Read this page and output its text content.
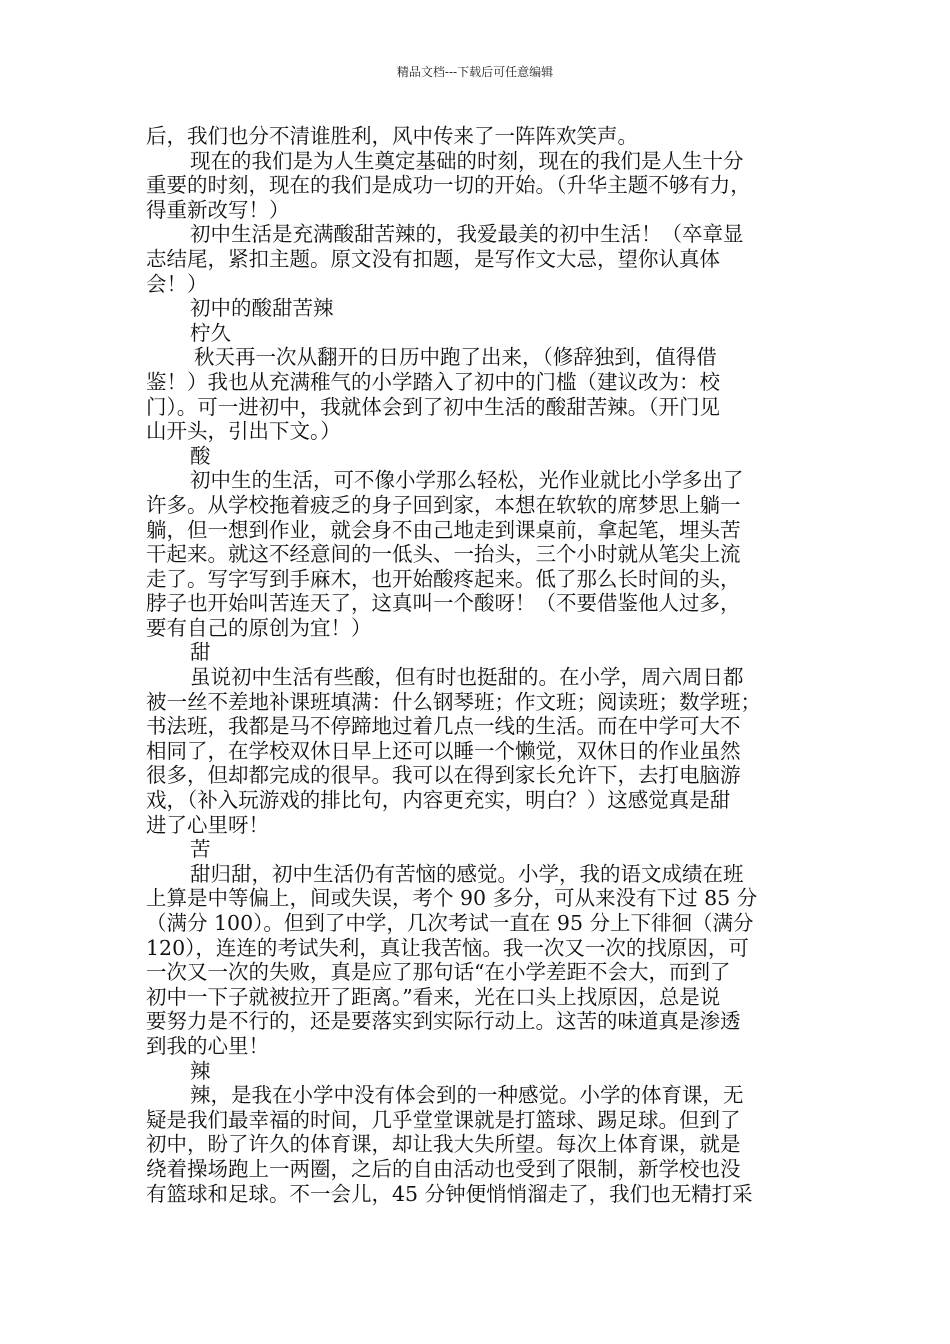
精品文档---下载后可任意编辑

后，我们也分不清谁胜利，风中传来了一阵阵欢笑声。

现在的我们是为人生奠定基础的时刻，现在的我们是人生十分

重要的时刻，现在的我们是成功一切的开始。（升华主题不够有力，

得重新改写！）

初中生活是充满酸甜苦辣的，我爱最美的初中生活！（卒章显

志结尾，紧扣主题。原文没有扣题，是写作文大忌，望你认真体

会！）

初中的酸甜苦辣

柠久

秋天再一次从翻开的日历中跑了出来，（修辞独到，值得借

鉴！）我也从充满稚气的小学踏入了初中的门槛（建议改为：校

门）。可一进初中，我就体会到了初中生活的酸甜苦辣。（开门见

山开头，引出下文。）

酸

初中生的生活，可不像小学那么轻松，光作业就比小学多出了

许多。从学校拖着疲乏的身子回到家，本想在软软的席梦思上躺一

躺，但一想到作业，就会身不由己地走到课桌前，拿起笔，埋头苦

干起来。就这不经意间的一低头、一抬头，三个小时就从笔尖上流

走了。写字写到手麻木，也开始酸疼起来。低了那么长时间的头，

脖子也开始叫苦连天了，这真叫一个酸呀！（不要借鉴他人过多，

要有自己的原创为宜！）

甜

虽说初中生活有些酸，但有时也挺甜的。在小学，周六周日都

被一丝不差地补课班填满：什么钢琴班；作文班；阅读班；数学班；

书法班，我都是马不停蹄地过着几点一线的生活。而在中学可大不

相同了，在学校双休日早上还可以睡一个懒觉，双休日的作业虽然

很多，但却都完成的很早。我可以在得到家长允许下，去打电脑游

戏，（补入玩游戏的排比句，内容更充实，明白？）这感觉真是甜

进了心里呀！

苦

甜归甜，初中生活仍有苦恼的感觉。小学，我的语文成绩在班

上算是中等偏上，间或失误，考个 90 多分，可从来没有下过 85 分

（满分 100）。但到了中学，几次考试一直在 95 分上下徘徊（满分

120），连连的考试失利，真让我苦恼。我一次又一次的找原因，可

一次又一次的失败，真是应了那句话“在小学差距不会大，而到了

初中一下子就被拉开了距离。”看来，光在口头上找原因，总是说

要努力是不行的，还是要落实到实际行动上。这苦的味道真是渗透

到我的心里！

辣

辣，是我在小学中没有体会到的一种感觉。小学的体育课，无

疑是我们最幸福的时间，几乎堂堂课就是打篮球、踢足球。但到了

初中，盼了许久的体育课，却让我大失所望。每次上体育课，就是

绕着操场跑上一两圈，之后的自由活动也受到了限制，新学校也没

有篮球和足球。不一会儿，45 分钟便悄悄溜走了，我们也无精打采
